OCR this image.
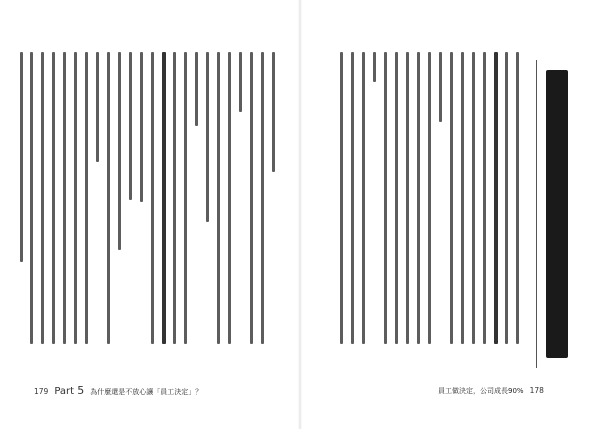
179 Part 5 為什麼還是不放心讓「員工決定」？	員工做決定，公司成長90% 178
